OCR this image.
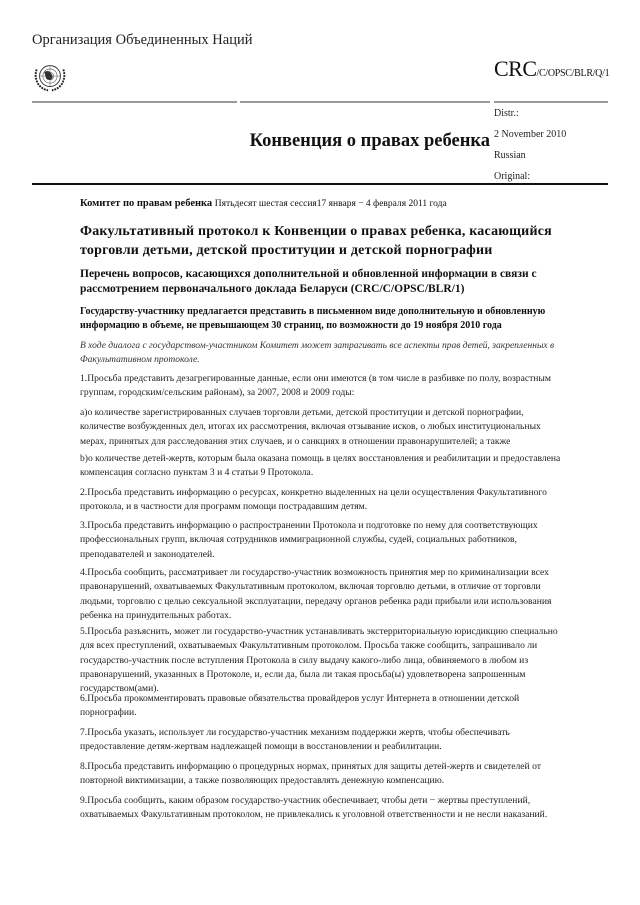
Организация Объединенных Наций
CRC/C/OPSC/BLR/Q/1
Конвенция о правах ребенка
Distr.:
2 November 2010
Russian
Original:
Комитет по правам ребенка Пятьдесят шестая сессия17 января − 4 февраля 2011 года
Факультативный протокол к Конвенции о правах ребенка, касающийся торговли детьми, детской проституции и детской порнографии
Перечень вопросов, касающихся дополнительной и обновленной информации в связи с рассмотрением первоначального доклада Беларуси (CRC/C/OPSC/BLR/1)
Государству-участнику предлагается представить в письменном виде дополнительную и обновленную информацию в объеме, не превышающем 30 страниц, по возможности до 19 ноября 2010 года
В ходе диалога с государством-участником Комитет может затрагивать все аспекты прав детей, закрепленных в Факультативном протоколе.
1.Просьба представить дезагрегированные данные, если они имеются (в том числе в разбивке по полу, возрастным группам, городским/сельским районам), за 2007, 2008 и 2009 годы:
a)о количестве зарегистрированных случаев торговли детьми, детской проституции и детской порнографии, количестве возбужденных дел, итогах их рассмотрения, включая отзывание исков, о любых институциональных мерах, принятых для расследования этих случаев, и о санкциях в отношении правонарушителей; а также
b)о количестве детей-жертв, которым была оказана помощь в целях восстановления и реабилитации и предоставлена компенсация согласно пунктам 3 и 4 статьи 9 Протокола.
2.Просьба представить информацию о ресурсах, конкретно выделенных на цели осуществления Факультативного протокола, и в частности для программ помощи пострадавшим детям.
3.Просьба представить информацию о распространении Протокола и подготовке по нему для соответствующих профессиональных групп, включая сотрудников иммиграционной службы, судей, социальных работников, преподавателей и законодателей.
4.Просьба сообщить, рассматривает ли государство-участник возможность принятия мер по криминализации всех правонарушений, охватываемых Факультативным протоколом, включая торговлю детьми, в отличие от торговли людьми, торговлю с целью сексуальной эксплуатации, передачу органов ребенка ради прибыли или использования ребенка на принудительных работах.
5.Просьба разъяснить, может ли государство-участник устанавливать экстерриториальную юрисдикцию специально для всех преступлений, охватываемых Факультативным протоколом. Просьба также сообщить, запрашивало ли государство-участник после вступления Протокола в силу выдачу какого-либо лица, обвиняемого в любом из правонарушений, указанных в Протоколе, и, если да, была ли такая просьба(ы) удовлетворена запрошенным государством(ами).
6.Просьба прокомментировать правовые обязательства провайдеров услуг Интернета в отношении детской порнографии.
7.Просьба указать, использует ли государство-участник механизм поддержки жертв, чтобы обеспечивать предоставление детям-жертвам надлежащей помощи в восстановлении и реабилитации.
8.Просьба представить информацию о процедурных нормах, принятых для защиты детей-жертв и свидетелей от повторной виктимизации, а также позволяющих предоставлять денежную компенсацию.
9.Просьба сообщить, каким образом государство-участник обеспечивает, чтобы дети − жертвы преступлений, охватываемых Факультативным протоколом, не привлекались к уголовной ответственности и не несли наказаний.
